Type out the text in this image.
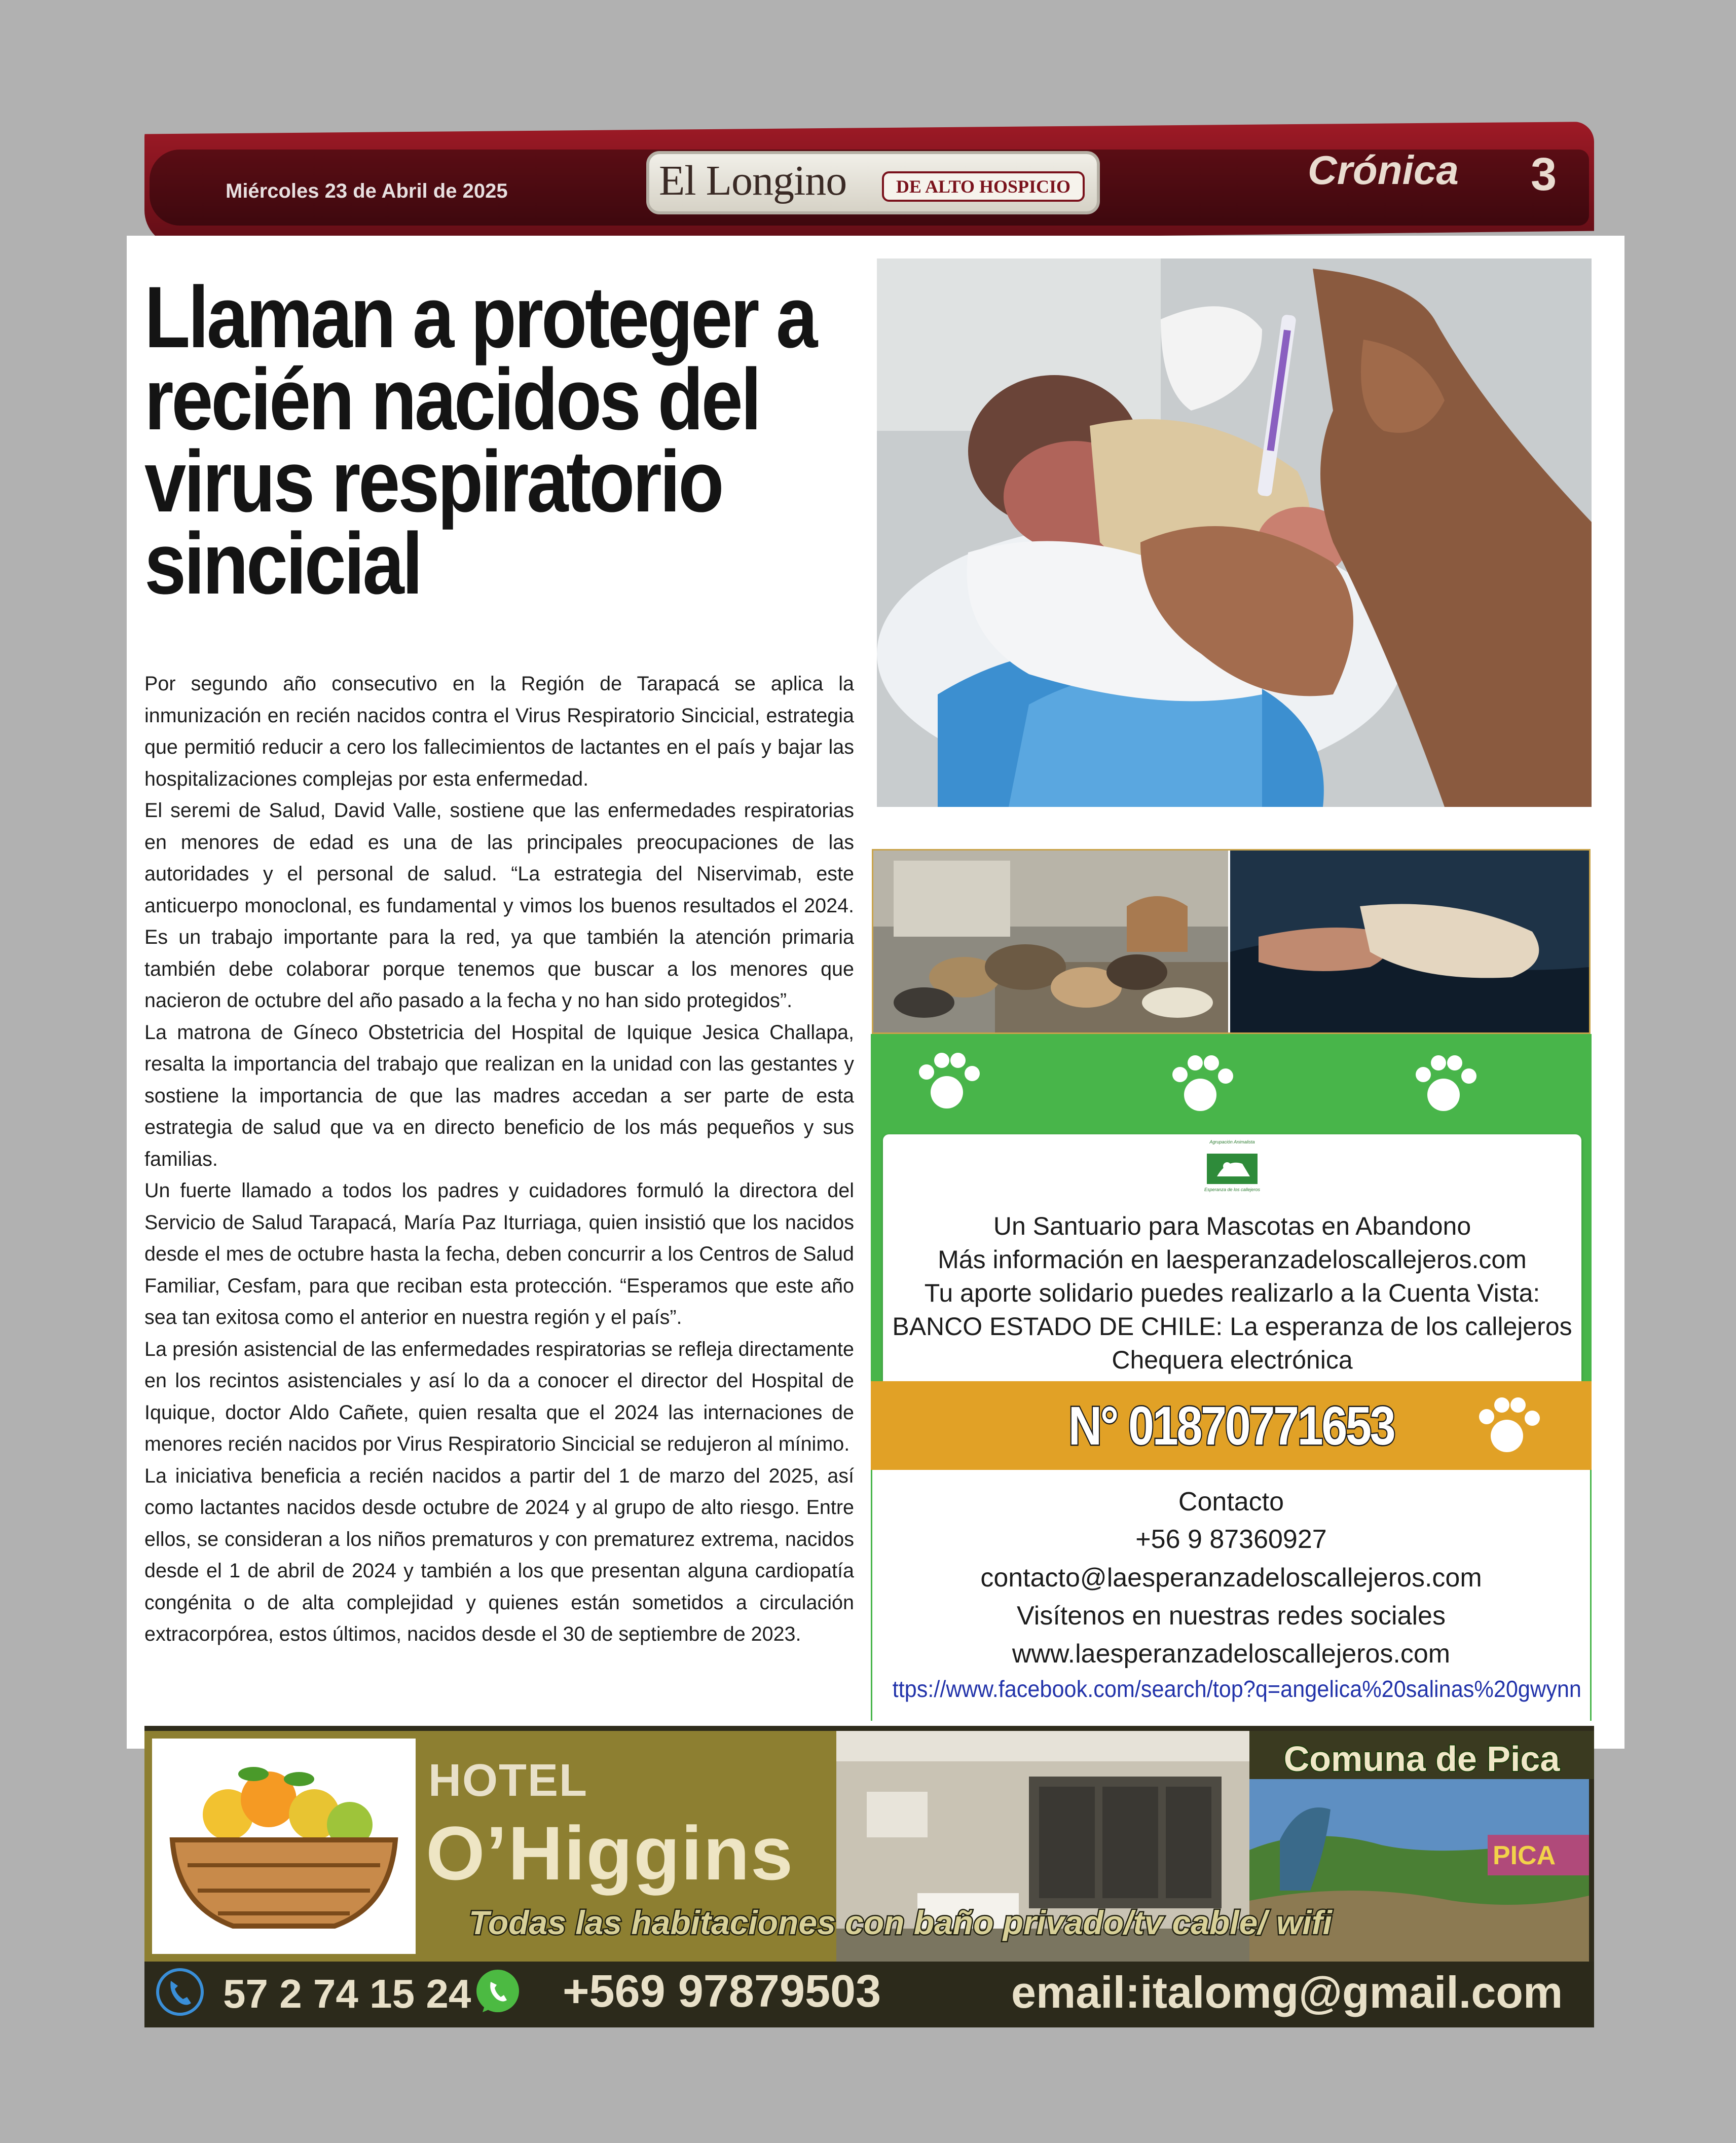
Miércoles 23 de Abril de 2025	El Longino	DE ALTO HOSPICIO	Crónica 3
Llaman a proteger a
recién nacidos del
virus respiratorio
sincicial

Por segundo año consecutivo en la Región de Tarapacá se aplica la inmunización en recién nacidos contra el Virus Respiratorio Sincicial, estrategia que permitió reducir a cero los fallecimientos de lactantes en el país y bajar las hospitalizaciones complejas por esta enfermedad.

El seremi de Salud, David Valle, sostiene que las enfermedades respiratorias en menores de edad es una de las principales preocupaciones de las autoridades y el personal de salud. “La estrategia del Niservimab, este anticuerpo monoclonal, es fundamental y vimos los buenos resultados el 2024. Es un trabajo importante para la red, ya que también la atención primaria también debe colaborar porque tenemos que buscar a los menores que nacieron de octubre del año pasado a la fecha y no han sido protegidos”.

La matrona de Gíneco Obstetricia del Hospital de Iquique Jesica Challapa, resalta la importancia del trabajo que realizan en la unidad con las gestantes y sostiene la importancia de que las madres accedan a ser parte de esta estrategia de salud que va en directo beneficio de los más pequeños y sus familias.

Un fuerte llamado a todos los padres y cuidadores formuló la directora del Servicio de Salud Tarapacá, María Paz Iturriaga, quien insistió que los nacidos desde el mes de octubre hasta la fecha, deben concurrir a los Centros de Salud Familiar, Cesfam, para que reciban esta protección. “Esperamos que este año sea tan exitosa como el anterior en nuestra región y el país”.

La presión asistencial de las enfermedades respiratorias se refleja directamente en los recintos asistenciales y así lo da a conocer el director del Hospital de Iquique, doctor Aldo Cañete, quien resalta que el 2024 las internaciones de menores recién nacidos por Virus Respiratorio Sincicial se redujeron al mínimo.

La iniciativa beneficia a recién nacidos a partir del 1 de marzo del 2025, así como lactantes nacidos desde octubre de 2024 y al grupo de alto riesgo. Entre ellos, se consideran a los niños prematuros y con prematurez extrema, nacidos desde el 1 de abril de 2024 y también a los que presentan alguna cardiopatía congénita o de alta complejidad y quienes están sometidos a circulación extracorpórea, estos últimos, nacidos desde el 30 de septiembre de 2023.

Agrupación Animalista
Esperanza de los callejeros
Un Santuario para Mascotas en Abandono
Más información en laesperanzadeloscallejeros.com
Tu aporte solidario puedes realizarlo a la Cuenta Vista:
BANCO ESTADO DE CHILE: La esperanza de los callejeros
Chequera electrónica
N° 01870771653
Contacto
+56 9 87360927
contacto@laesperanzadeloscallejeros.com
Visítenos en nuestras redes sociales
www.laesperanzadeloscallejeros.com
ttps://www.facebook.com/search/top?q=angelica%20salinas%20gwynn
HOTEL
O’Higgins
Comuna de Pica
PICA
Todas las habitaciones con baño privado/tv cable/ wifi
57 2 74 15 24 +569 97879503	email:italomg@gmail.com
